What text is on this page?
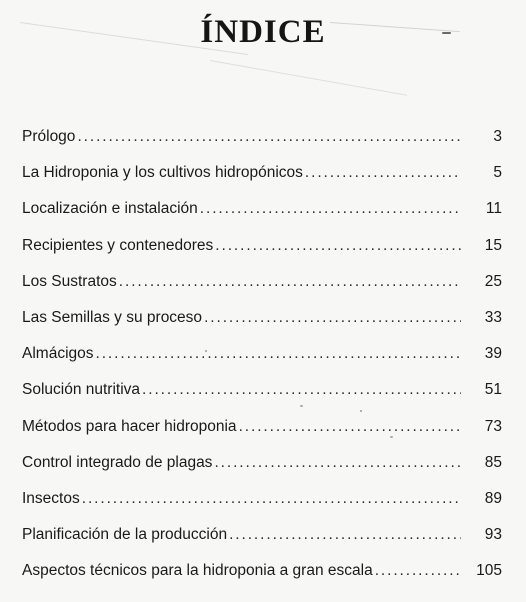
ÍNDICE
Prólogo . . .	3
La Hidroponia y los cultivos hidropónicos . . .	5
Localización e instalación . . .	11
Recipientes y contenedores . . .	15
Los Sustratos . . .	25
Las Semillas y su proceso . . .	33
Almácigos . . .	39
Solución nutritiva . . .	51
Métodos para hacer hidroponia . . .	73
Control integrado de plagas . . .	85
Insectos . . .	89
Planificación de la producción . . .	93
Aspectos técnicos para la hidroponia a gran escala . . .	105
